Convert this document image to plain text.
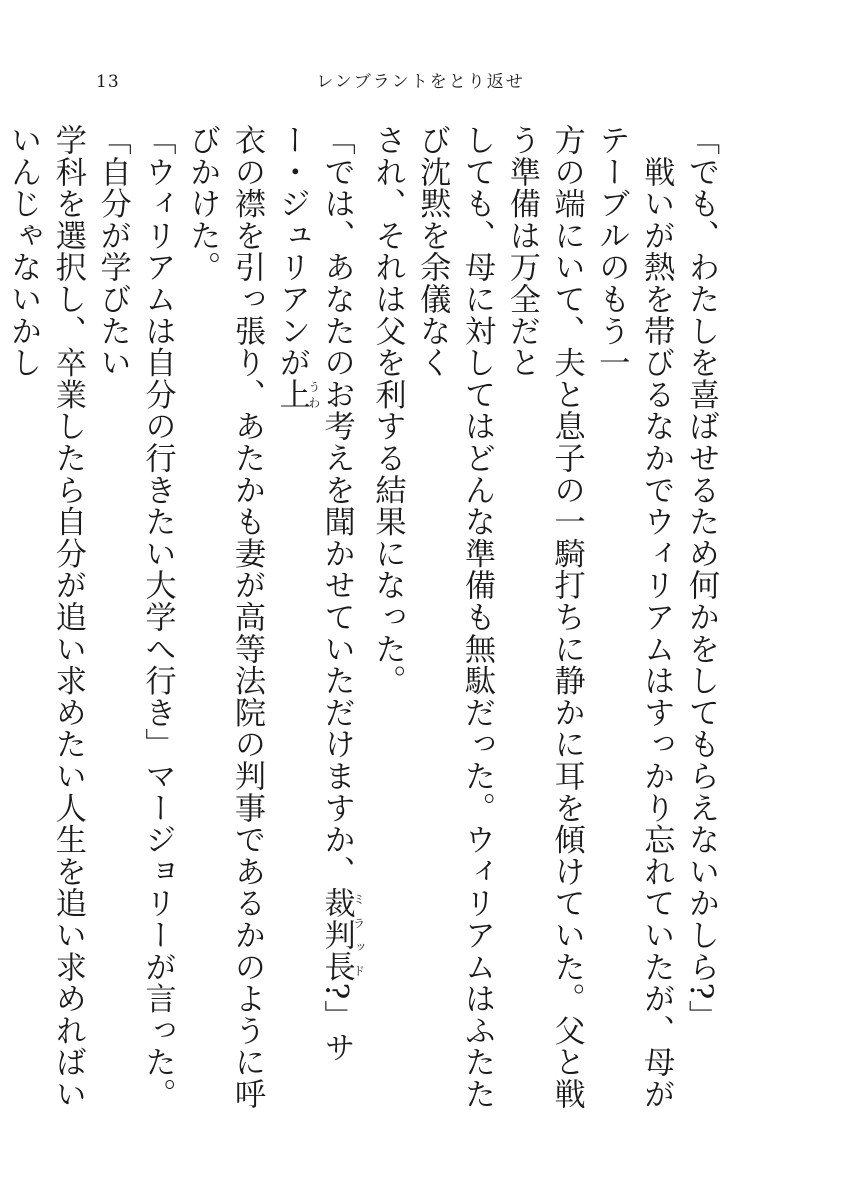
13	レンブラントをとり返せ

「でも、わたしを喜ばせるため何かをしてもらえないかしら?」

　戦いが熱を帯びるなかでウィリアムはすっかり忘れていたが、母がテーブルのもう一

方の端にいて、夫と息子の一騎打ちに静かに耳を傾けていた。父と戦う準備は万全だと

しても、母に対してはどんな準備も無駄だった。ウィリアムはふたたび沈黙を余儀なく

され、それは父を利する結果になった。

「では、あなたのお考えを聞かせていただけますか、裁判長ミラッド?」サー・ジュリアンが上うわ

衣の襟を引っ張り、あたかも妻が高等法院の判事であるかのように呼びかけた。

「ウィリアムは自分の行きたい大学へ行き」マージョリーが言った。「自分が学びたい

学科を選択し、卒業したら自分が追い求めたい人生を追い求めればいいんじゃないかし
